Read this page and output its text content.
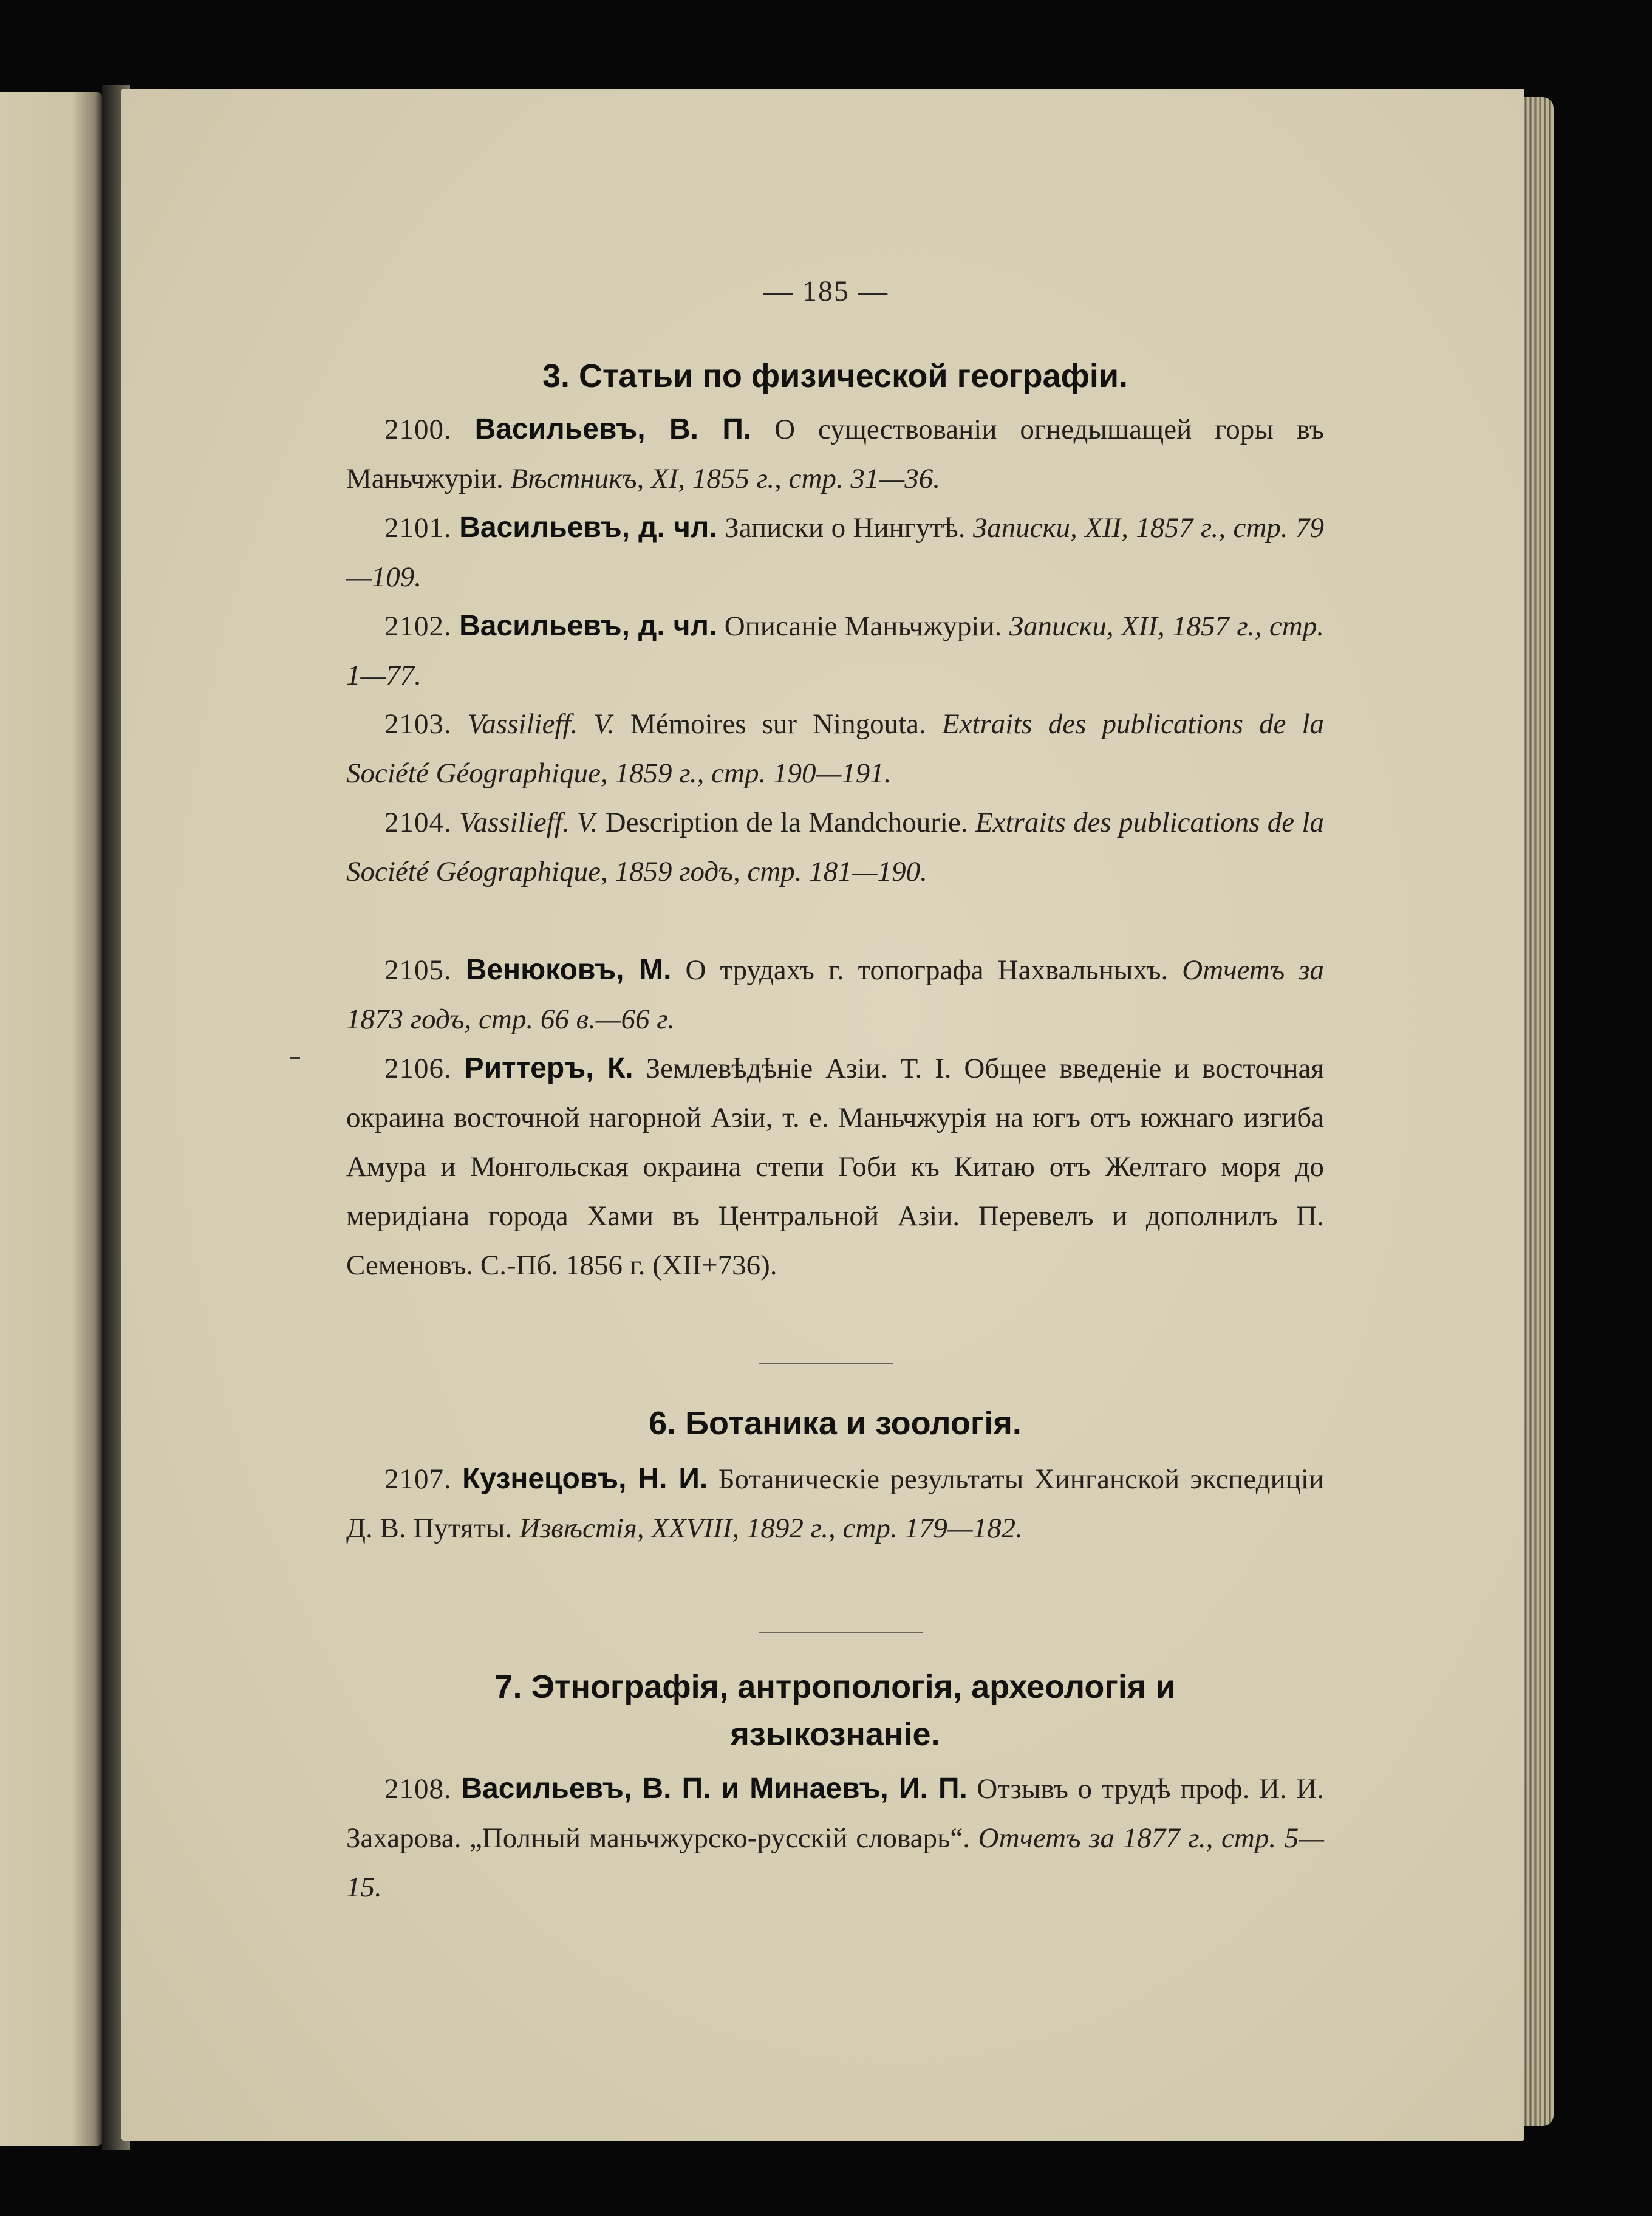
— 185 —
3. Статьи по физической географіи.
2100. Васильевъ, В. П. О существованіи огнедышащей горы въ Маньчжуріи. Вѣстникъ, XI, 1855 г., стр. 31—36.
2101. Васильевъ, д. чл. Записки о Нингутѣ. Записки, XII, 1857 г., стр. 79—109.
2102. Васильевъ, д. чл. Описаніе Маньчжуріи. Записки, XII, 1857 г., стр. 1—77.
2103. Vassilieff. V. Mémoires sur Ningouta. Extraits des publications de la Société Géographique, 1859 г., стр. 190—191.
2104. Vassilieff. V. Description de la Mandchourie. Extraits des publications de la Société Géographique, 1859 годъ, стр. 181—190.
2105. Венюковъ, М. О трудахъ г. топографа Нахвальныхъ. Отчетъ за 1873 годъ, стр. 66 в.—66 г.
2106. Риттеръ, К. Землевѣдѣніе Азіи. Т. I. Общее введеніе и восточная окраина восточной нагорной Азіи, т. е. Маньчжурія на югъ отъ южнаго изгиба Амура и Монгольская окраина степи Гоби къ Китаю отъ Желтаго моря до меридіана города Хами въ Центральной Азіи. Перевелъ и дополнилъ П. Семеновъ. С.-Пб. 1856 г. (XII+736).
6. Ботаника и зоологія.
2107. Кузнецовъ, Н. И. Ботаническіе результаты Хинганской экспедиціи Д. В. Путяты. Извѣстія, XXVIII, 1892 г., стр. 179—182.
7. Этнографія, антропологія, археологія и языкознаніе.
2108. Васильевъ, В. П. и Минаевъ, И. П. Отзывъ о трудѣ проф. И. И. Захарова. „Полный маньчжурско-русскій словарь“. Отчетъ за 1877 г., стр. 5—15.
